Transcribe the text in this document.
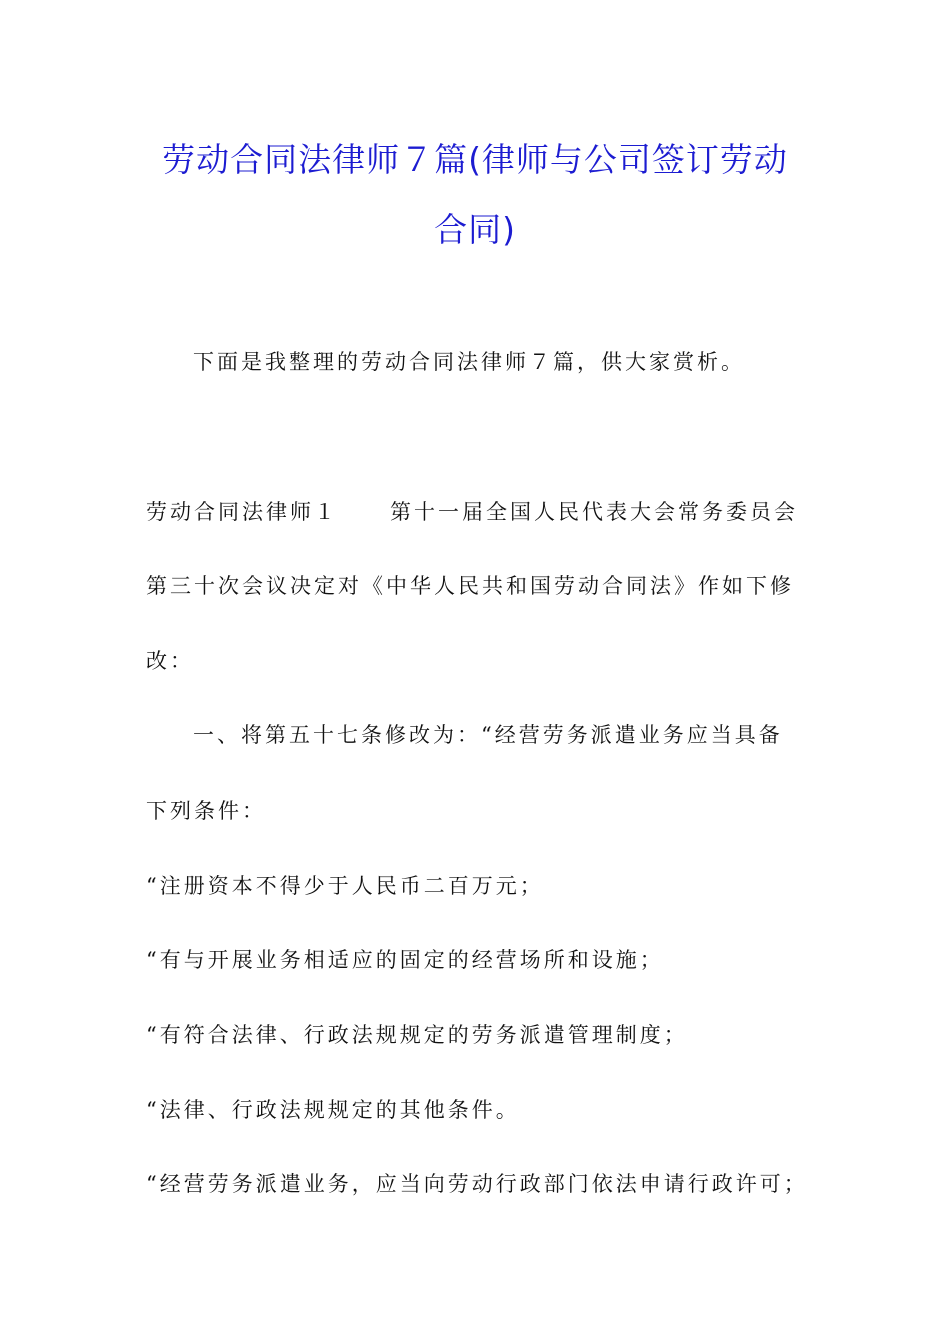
劳动合同法律师７篇(律师与公司签订劳动
合同)
下面是我整理的劳动合同法律师７篇，供大家赏析。
劳动合同法律师１ 第十一届全国人民代表大会常务委员会
第三十次会议决定对《中华人民共和国劳动合同法》作如下修
改：
一、将第五十七条修改为：“经营劳务派遣业务应当具备
下列条件：
“注册资本不得少于人民币二百万元；
“有与开展业务相适应的固定的经营场所和设施；
“有符合法律、行政法规规定的劳务派遣管理制度；
“法律、行政法规规定的其他条件。
“经营劳务派遣业务，应当向劳动行政部门依法申请行政许可；
